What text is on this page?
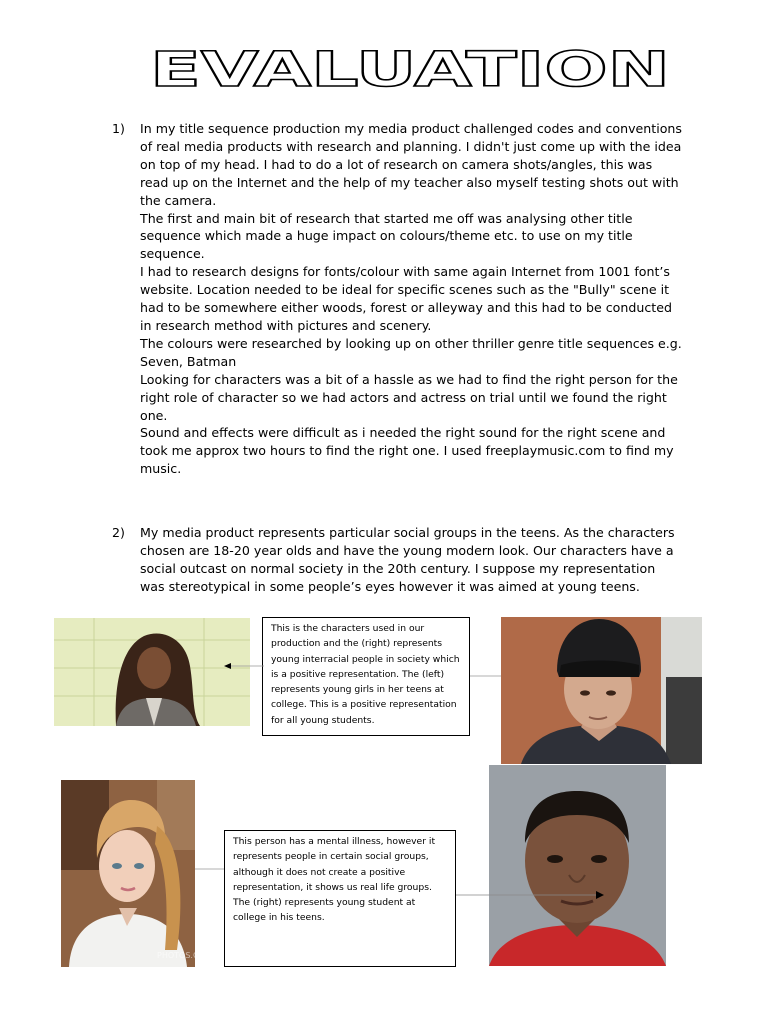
EVALUATION
1) In my title sequence production my media product challenged codes and conventions of real media products with research and planning. I didn't just come up with the idea on top of my head. I had to do a lot of research on camera shots/angles, this was read up on the Internet and the help of my teacher also myself testing shots out with the camera.

The first and main bit of research that started me off was analysing other title sequence which made a huge impact on colours/theme etc. to use on my title sequence.

I had to research designs for fonts/colour with same again Internet from 1001 font’s website. Location needed to be ideal for specific scenes such as the "Bully" scene it had to be somewhere either woods, forest or alleyway and this had to be conducted in research method with pictures and scenery.

The colours were researched by looking up on other thriller genre title sequences e.g. Seven, Batman

Looking for characters was a bit of a hassle as we had to find the right person for the right role of character so we had actors and actress on trial until we found the right one.

Sound and effects were difficult as i needed the right sound for the right scene and took me approx two hours to find the right one. I used freeplaymusic.com to find my music.

2) My media product represents particular social groups in the teens. As the characters chosen are 18-20 year olds and have the young modern look. Our characters have a social outcast on normal society in the 20th century. I suppose my representation was stereotypical in some people’s eyes however it was aimed at young teens.

This is the characters used in our production and the (right) represents young interracial people in society which is a positive representation. The (left) represents young girls in her teens at college. This is a positive representation for all young students.
PHOTOS.COM
This person has a mental illness, however it represents people in certain social groups, although it does not create a positive representation, it shows us real life groups. The (right) represents young student at college in his teens.
